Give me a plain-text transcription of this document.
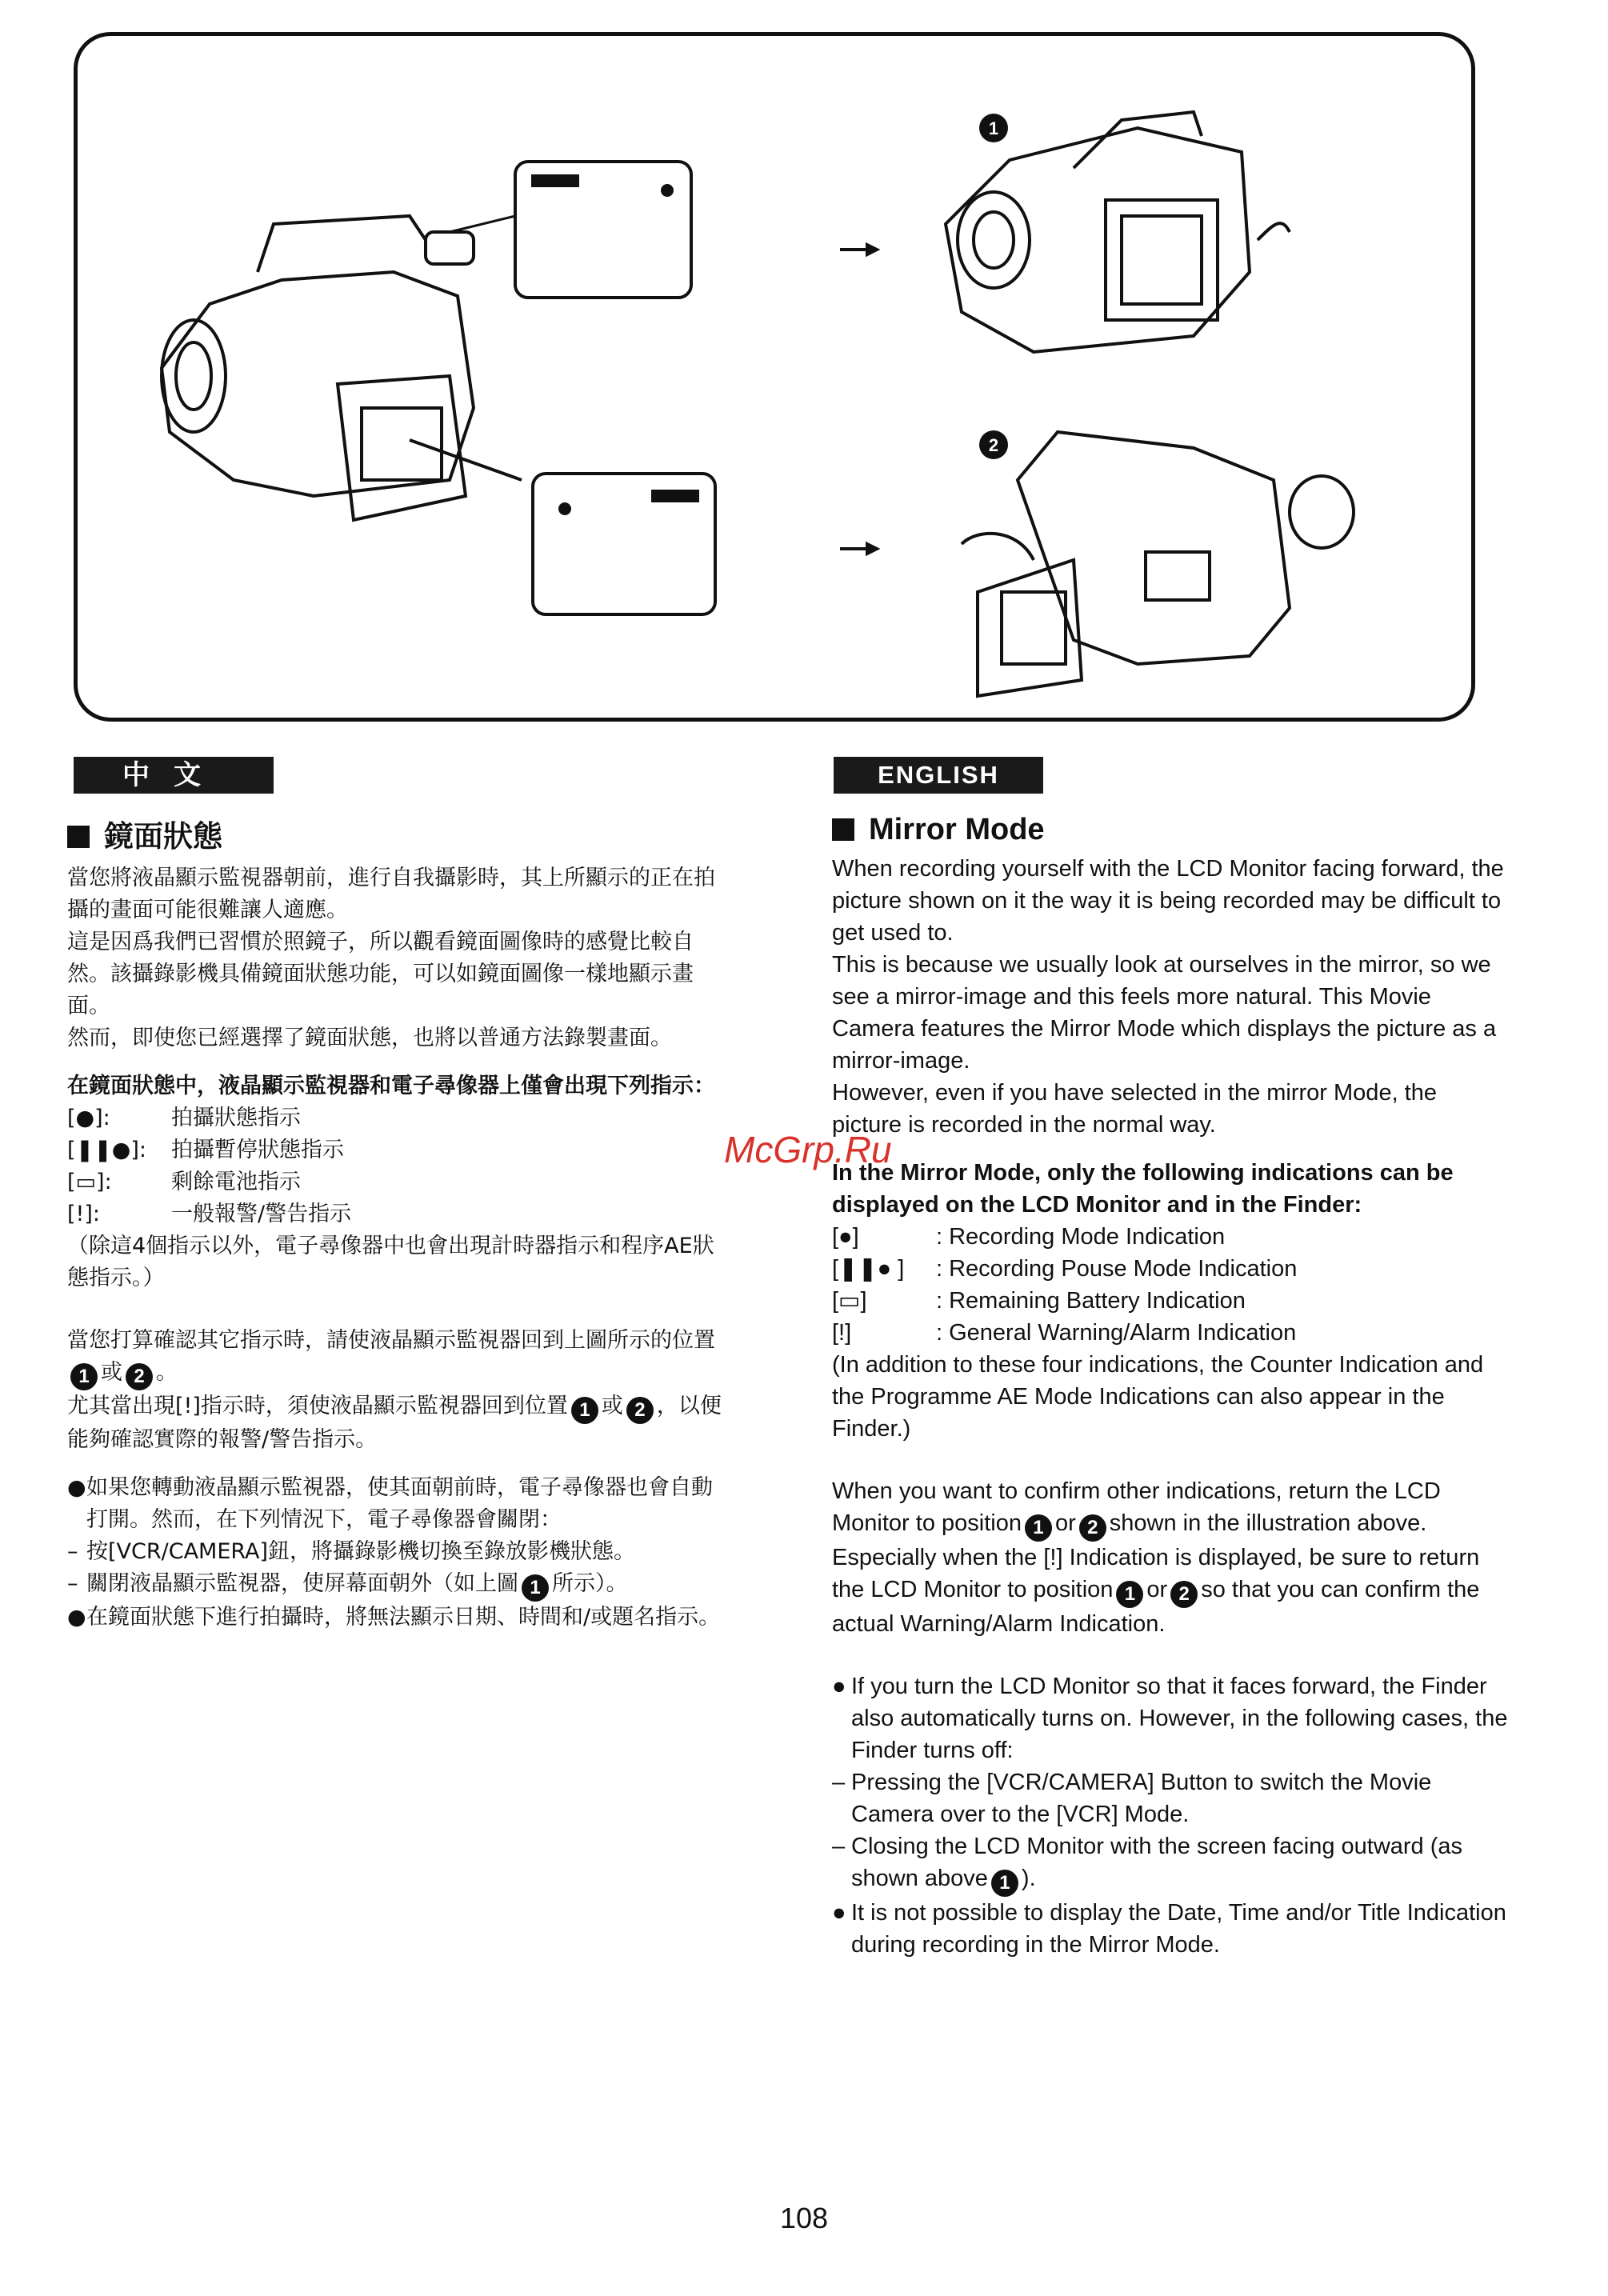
1
2
中文	ENGLISH
鏡面狀態

當您將液晶顯示監視器朝前，進行自我攝影時，其上所顯示的正在拍攝的畫面可能很難讓人適應。

這是因爲我們已習慣於照鏡子，所以觀看鏡面圖像時的感覺比較自然。該攝錄影機具備鏡面狀態功能，可以如鏡面圖像一樣地顯示畫面。

然而，即使您已經選擇了鏡面狀態，也將以普通方法錄製畫面。

在鏡面狀態中，液晶顯示監視器和電子尋像器上僅會出現下列指示：

[●]:	拍攝狀態指示
[❚❚●]:	拍攝暫停狀態指示
[▭]:	剩餘電池指示
[!]:	一般報警/警告指示

（除這4個指示以外，電子尋像器中也會出現計時器指示和程序AE狀態指示。）

當您打算確認其它指示時，請使液晶顯示監視器回到上圖所示的位置1 或 2 。

尤其當出現[!]指示時，須使液晶顯示監視器回到位置 1 或 2 ，以便能夠確認實際的報警/警告指示。

● 如果您轉動液晶顯示監視器，使其面朝前時，電子尋像器也會自動打開。然而，在下列情況下，電子尋像器會關閉：
– 按[VCR/CAMERA]鈕，將攝錄影機切換至錄放影機狀態。
– 關閉液晶顯示監視器，使屏幕面朝外（如上圖 1 所示）。
● 在鏡面狀態下進行拍攝時，將無法顯示日期、時間和/或題名指示。
Mirror Mode

When recording yourself with the LCD Monitor facing forward, the picture shown on it the way it is being recorded may be difficult to get used to.

This is because we usually look at ourselves in the mirror, so we see a mirror-image and this feels more natural. This Movie Camera features the Mirror Mode which displays the picture as a mirror-image.

However, even if you have selected in the mirror Mode, the picture is recorded in the normal way.

In the Mirror Mode, only the following indications can be displayed on the LCD Monitor and in the Finder:

[●]	: Recording Mode Indication
[❚❚● ]	: Recording Pouse Mode Indication
[▭]	: Remaining Battery Indication
[!]	: General Warning/Alarm Indication

(In addition to these four indications, the Counter Indication and the Programme AE Mode Indications can also appear in the Finder.)

When you want to confirm other indications, return the LCD Monitor to position 1 or 2 shown in the illustration above.

Especially when the [!] Indication is displayed, be sure to return the LCD Monitor to position 1 or 2 so that you can confirm the actual Warning/Alarm Indication.

● If you turn the LCD Monitor so that it faces forward, the Finder also automatically turns on. However, in the following cases, the Finder turns off:
– Pressing the [VCR/CAMERA] Button to switch the Movie Camera over to the [VCR] Mode.
– Closing the LCD Monitor with the screen facing outward (as shown above 1 ).
● It is not possible to display the Date, Time and/or Title Indication during recording in the Mirror Mode.
McGrp.Ru
108
